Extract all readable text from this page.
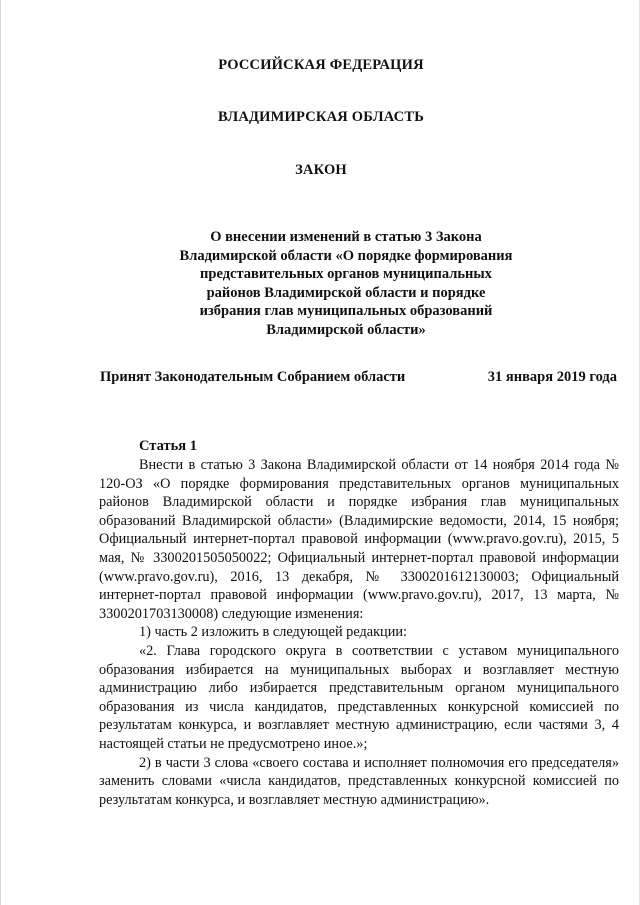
РОССИЙСКАЯ ФЕДЕРАЦИЯ
ВЛАДИМИРСКАЯ ОБЛАСТЬ
ЗАКОН
О внесении изменений в статью 3 Закона
Владимирской области «О порядке формирования
представительных органов муниципальных
районов Владимирской области и порядке
избрания глав муниципальных образований
Владимирской области»
Принят Законодательным Собранием области	31 января 2019 года
Статья 1

Внести в статью 3 Закона Владимирской области от 14 ноября 2014 года № 120-ОЗ «О порядке формирования представительных органов муниципальных районов Владимирской области и порядке избрания глав муниципальных образований Владимирской области» (Владимирские ведомости, 2014, 15 ноября; Официальный интернет-портал правовой информации (www.pravo.gov.ru), 2015, 5 мая, № 3300201505050022; Официальный интернет-портал правовой информации (www.pravo.gov.ru), 2016, 13 декабря, № 3300201612130003; Официальный интернет-портал правовой информации (www.pravo.gov.ru), 2017, 13 марта, № 3300201703130008) следующие изменения:

1) часть 2 изложить в следующей редакции:

«2. Глава городского округа в соответствии с уставом муниципального образования избирается на муниципальных выборах и возглавляет местную администрацию либо избирается представительным органом муниципального образования из числа кандидатов, представленных конкурсной комиссией по результатам конкурса, и возглавляет местную администрацию, если частями 3, 4 настоящей статьи не предусмотрено иное.»;

2) в части 3 слова «своего состава и исполняет полномочия его председателя» заменить словами «числа кандидатов, представленных конкурсной комиссией по результатам конкурса, и возглавляет местную администрацию».
